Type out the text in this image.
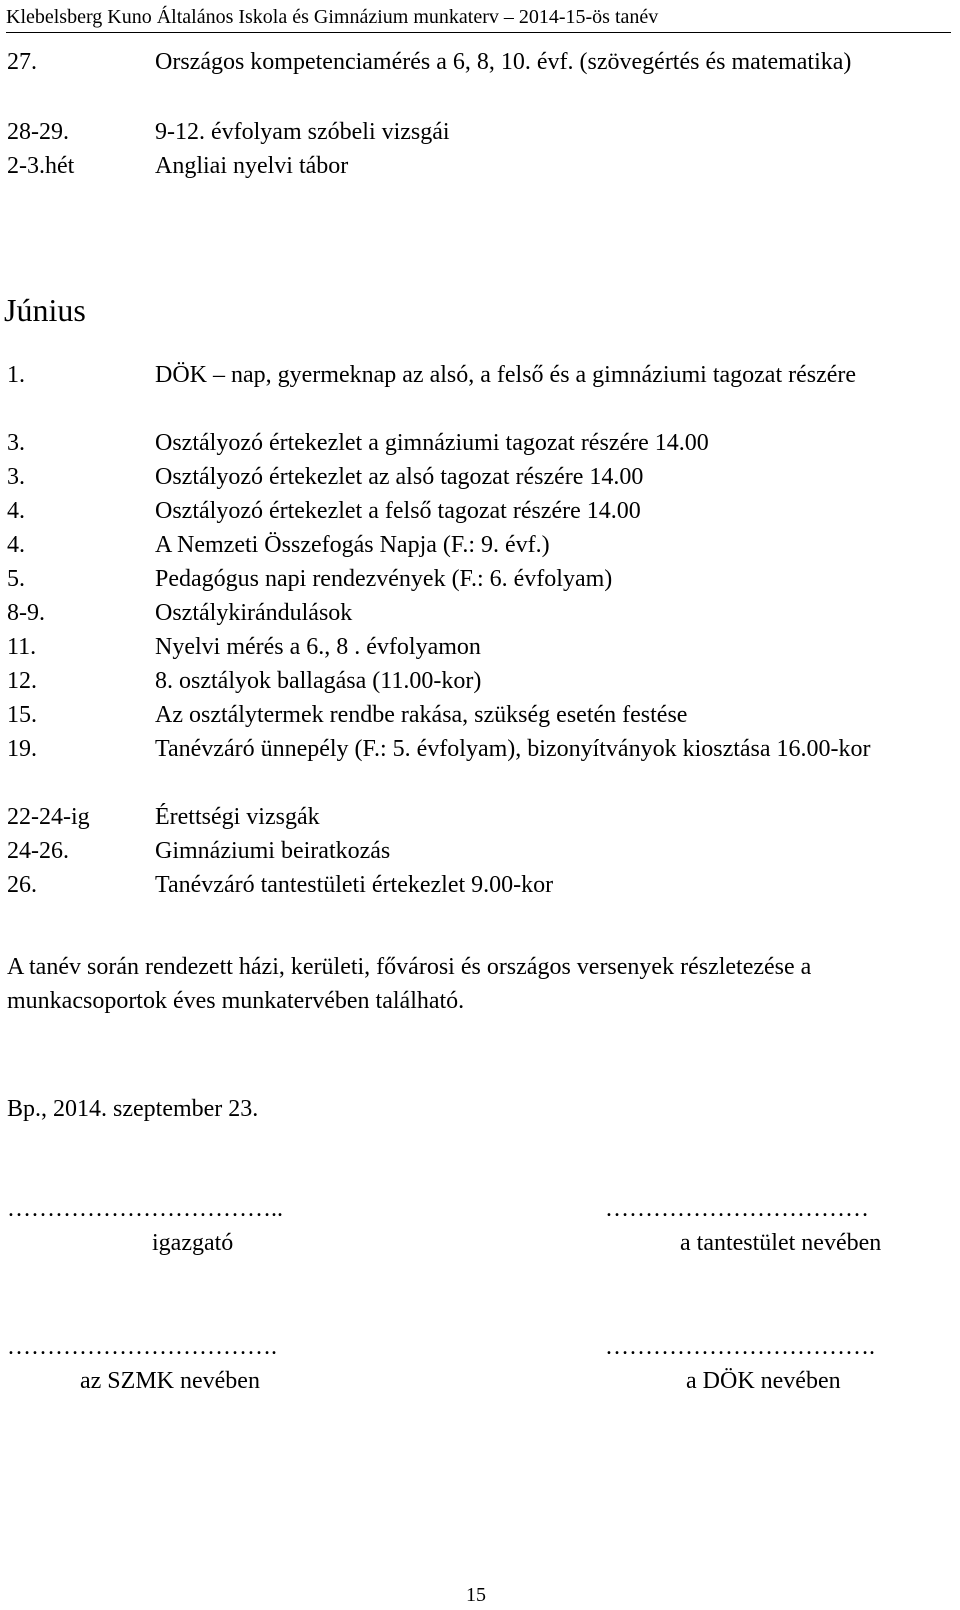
Klebelsberg Kuno Általános Iskola és Gimnázium munkaterv – 2014-15-ös tanév
27.	Országos kompetenciamérés a 6, 8, 10. évf. (szövegértés és matematika)
28-29.	9-12. évfolyam szóbeli vizsgái
2-3.hét	Angliai nyelvi tábor
Június
1.	DÖK – nap, gyermeknap az alsó, a felső és a gimnáziumi tagozat részére
3.	Osztályozó értekezlet a gimnáziumi tagozat részére 14.00
3.	Osztályozó értekezlet az alsó tagozat részére 14.00
4.	Osztályozó értekezlet a felső tagozat részére 14.00
4.	A Nemzeti Összefogás Napja (F.: 9. évf.)
5.	Pedagógus napi rendezvények (F.: 6. évfolyam)
8-9.	Osztálykirándulások
11.	Nyelvi mérés a 6., 8 . évfolyamon
12.	8. osztályok ballagása (11.00-kor)
15.	Az osztálytermek rendbe rakása, szükség esetén festése
19.	Tanévzáró ünnepély (F.: 5. évfolyam), bizonyítványok kiosztása 16.00-kor
22-24-ig	Érettségi vizsgák
24-26.	Gimnáziumi beiratkozás
26.	Tanévzáró tantestületi értekezlet 9.00-kor
A tanév során rendezett házi, kerületi, fővárosi és országos versenyek részletezése a munkacsoportok éves munkatervében található.
Bp., 2014. szeptember 23.
……………………………..
igazgató
……………………………
a tantestület nevében
…………………………….
az SZMK nevében
…………………………….
a DÖK nevében
15
